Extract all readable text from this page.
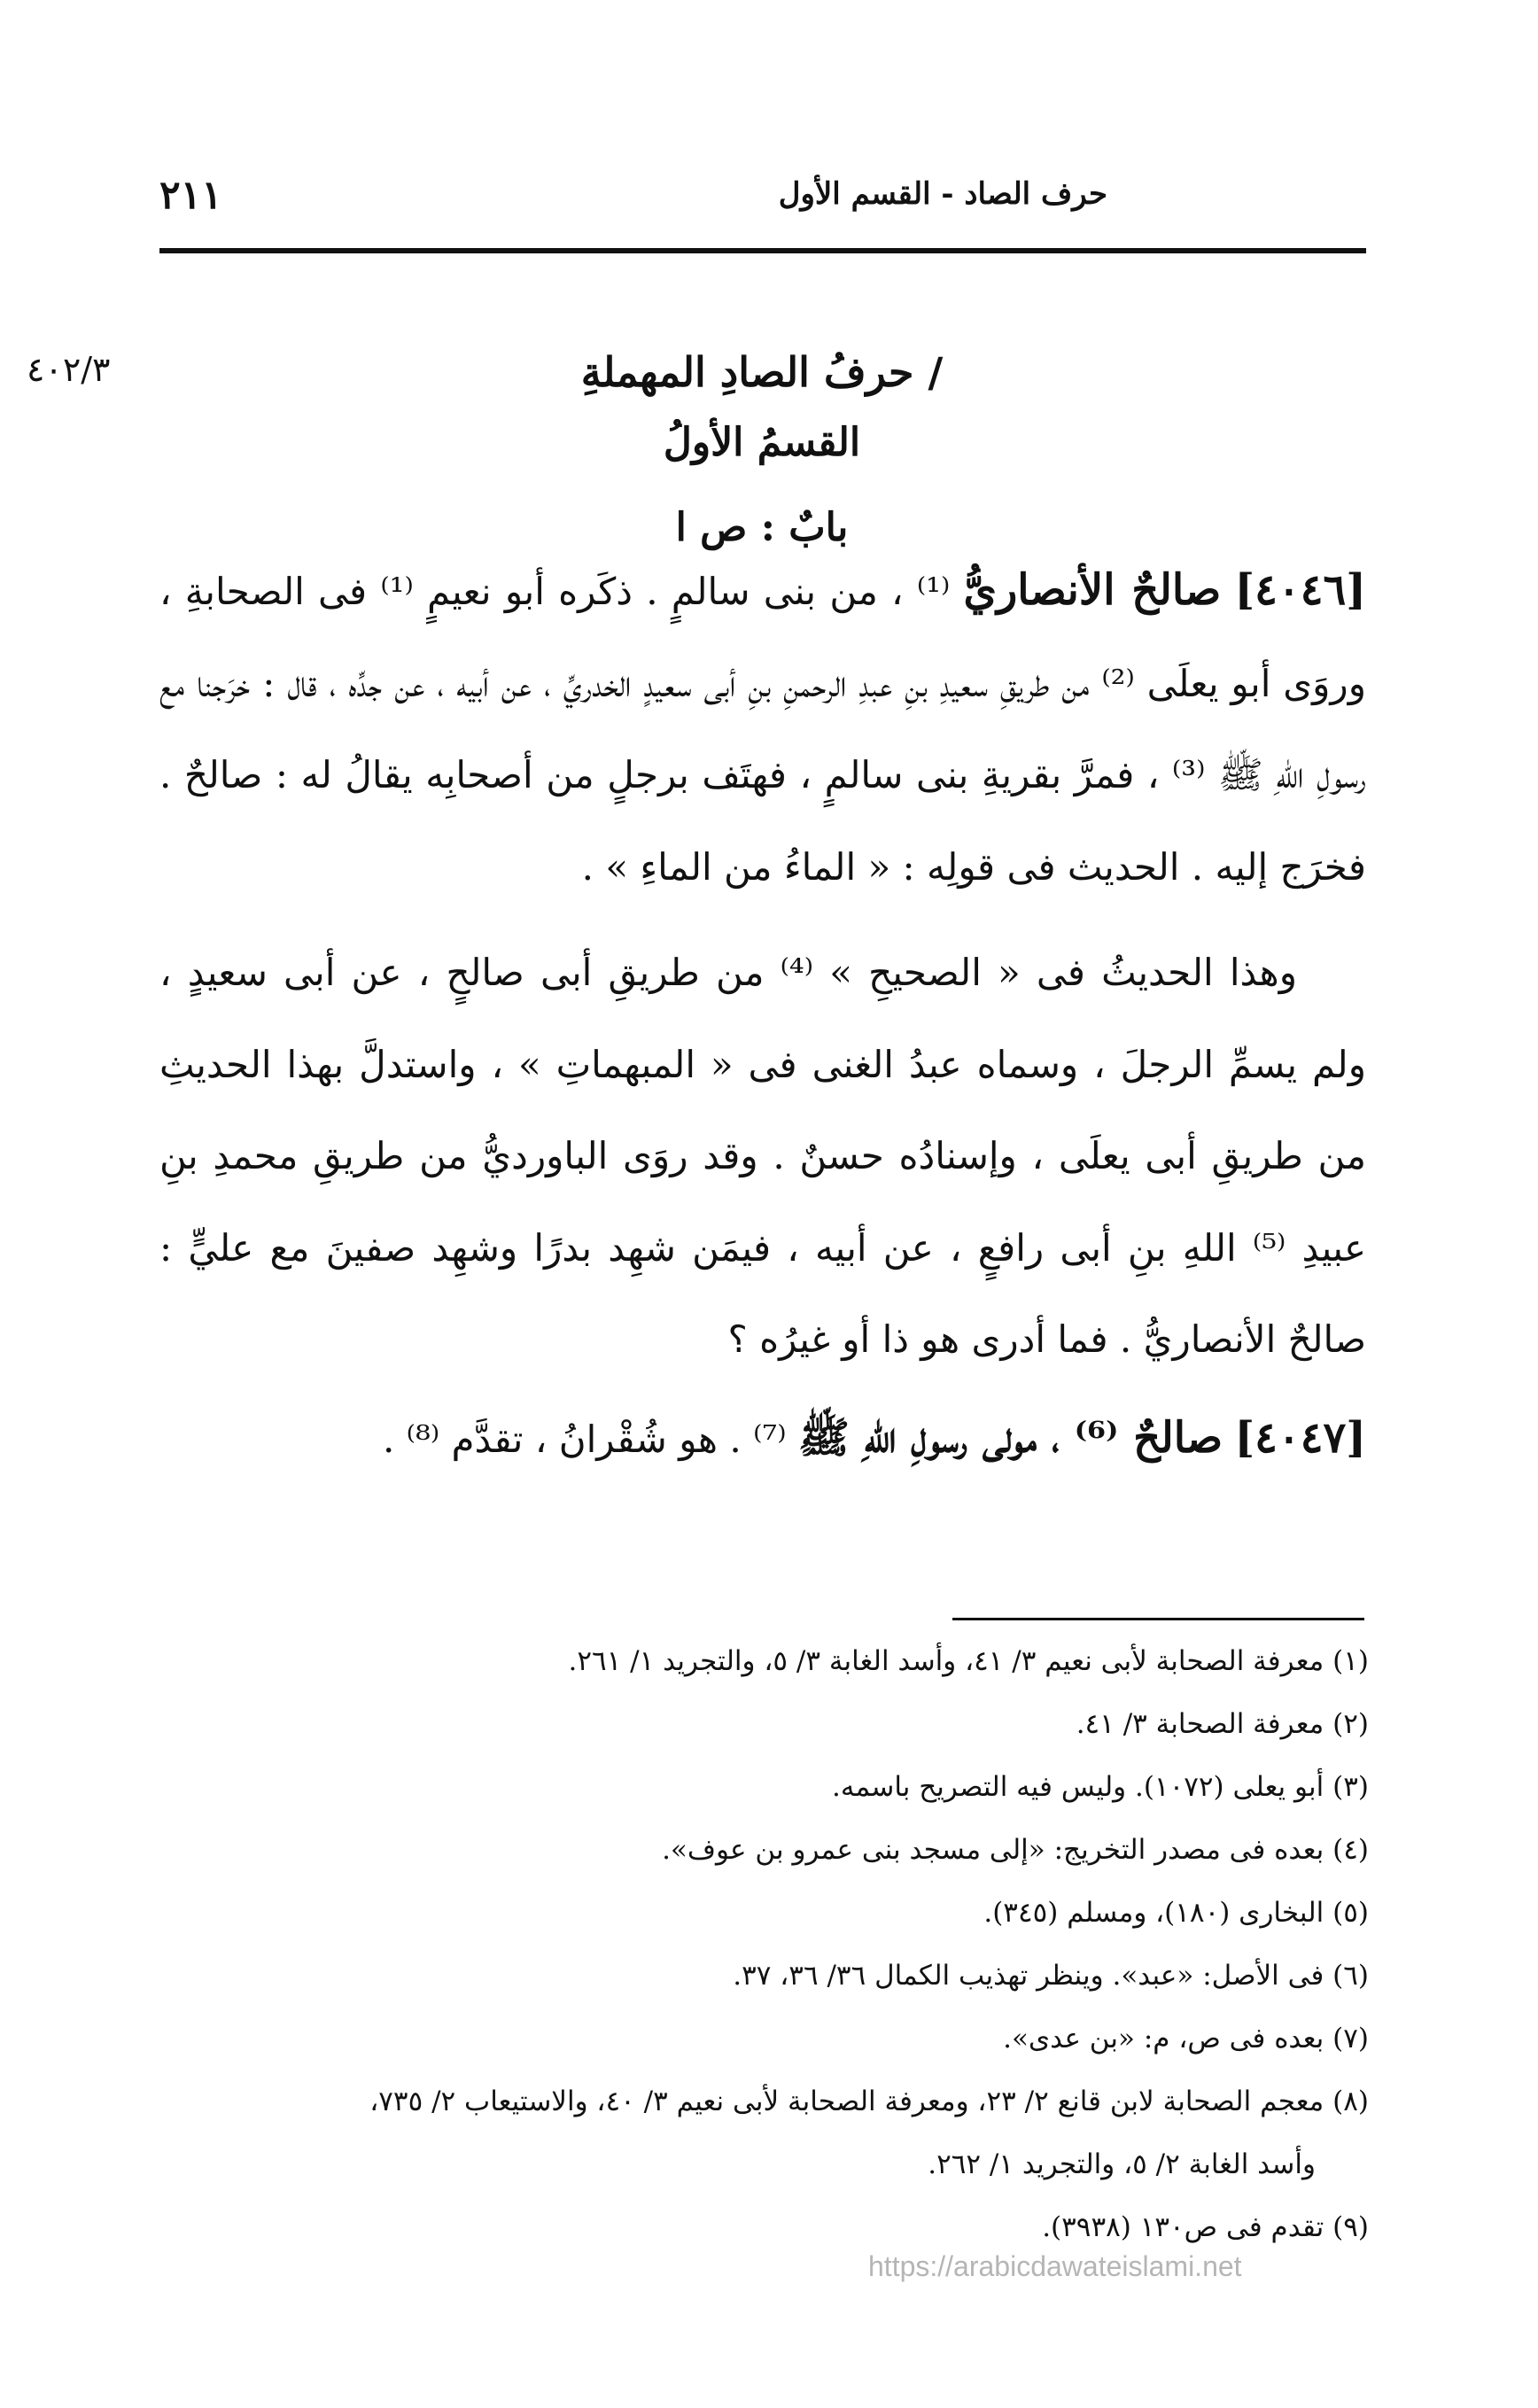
٢١١	حرف الصاد - القسم الأول
٤٠٢/٣	/ حرفُ الصادِ المهملةِ
القسمُ الأولُ
بابٌ : ص ا

[٤٠٤٦] صالحٌ الأنصاريُّ ⁽¹⁾ ، من بنى سالمٍ . ذكَره أبو نعيمٍ ⁽¹⁾ فى الصحابةِ ، وروَى أبو يعلَى ⁽²⁾ من طريقِ سعيدِ بنِ عبدِ الرحمنِ بنِ أبى سعيدٍ الخدريِّ ، عن أبيه ، عن جدِّه ، قال : خرَجنا مع رسولِ اللهِ ﷺ ⁽³⁾ ، فمرَّ بقريةِ بنى سالمٍ ، فهتَف برجلٍ من أصحابِه يقالُ له : صالحٌ . فخرَج إليه . الحديث فى قولِه : « الماءُ من الماءِ » .

وهذا الحديثُ فى « الصحيحِ » ⁽⁴⁾ من طريقِ أبى صالحٍ ، عن أبى سعيدٍ ، ولم يسمِّ الرجلَ ، وسماه عبدُ الغنى فى « المبهماتِ » ، واستدلَّ بهذا الحديثِ من طريقِ أبى يعلَى ، وإسنادُه حسنٌ . وقد روَى الباورديُّ من طريقِ محمدِ بنِ عبيدِ ⁽⁵⁾ اللهِ بنِ أبى رافعٍ ، عن أبيه ، فيمَن شهِد بدرًا وشهِد صفينَ مع عليٍّ : صالحٌ الأنصاريُّ . فما أدرى هو ذا أو غيرُه ؟

[٤٠٤٧] صالحٌ ⁽⁶⁾ ، مولى رسولِ اللهِ ﷺ ⁽⁷⁾ . هو شُقْرانُ ، تقدَّم ⁽⁸⁾ .

(١) معرفة الصحابة لأبى نعيم ٣/ ٤١، وأسد الغابة ٣/ ٥، والتجريد ١/ ٢٦١.
(٢) معرفة الصحابة ٣/ ٤١.
(٣) أبو يعلى (١٠٧٢). وليس فيه التصريح باسمه.
(٤) بعده فى مصدر التخريج: «إلى مسجد بنى عمرو بن عوف».
(٥) البخارى (١٨٠)، ومسلم (٣٤٥).
(٦) فى الأصل: «عبد». وينظر تهذيب الكمال ٣٦/ ٣٦، ٣٧.
(٧) بعده فى ص، م: «بن عدى».
(٨) معجم الصحابة لابن قانع ٢/ ٢٣، ومعرفة الصحابة لأبى نعيم ٣/ ٤٠، والاستيعاب ٢/ ٧٣٥،
وأسد الغابة ٢/ ٥، والتجريد ١/ ٢٦٢.
(٩) تقدم فى ص١٣٠ (٣٩٣٨).
https://arabicdawateislami.net
